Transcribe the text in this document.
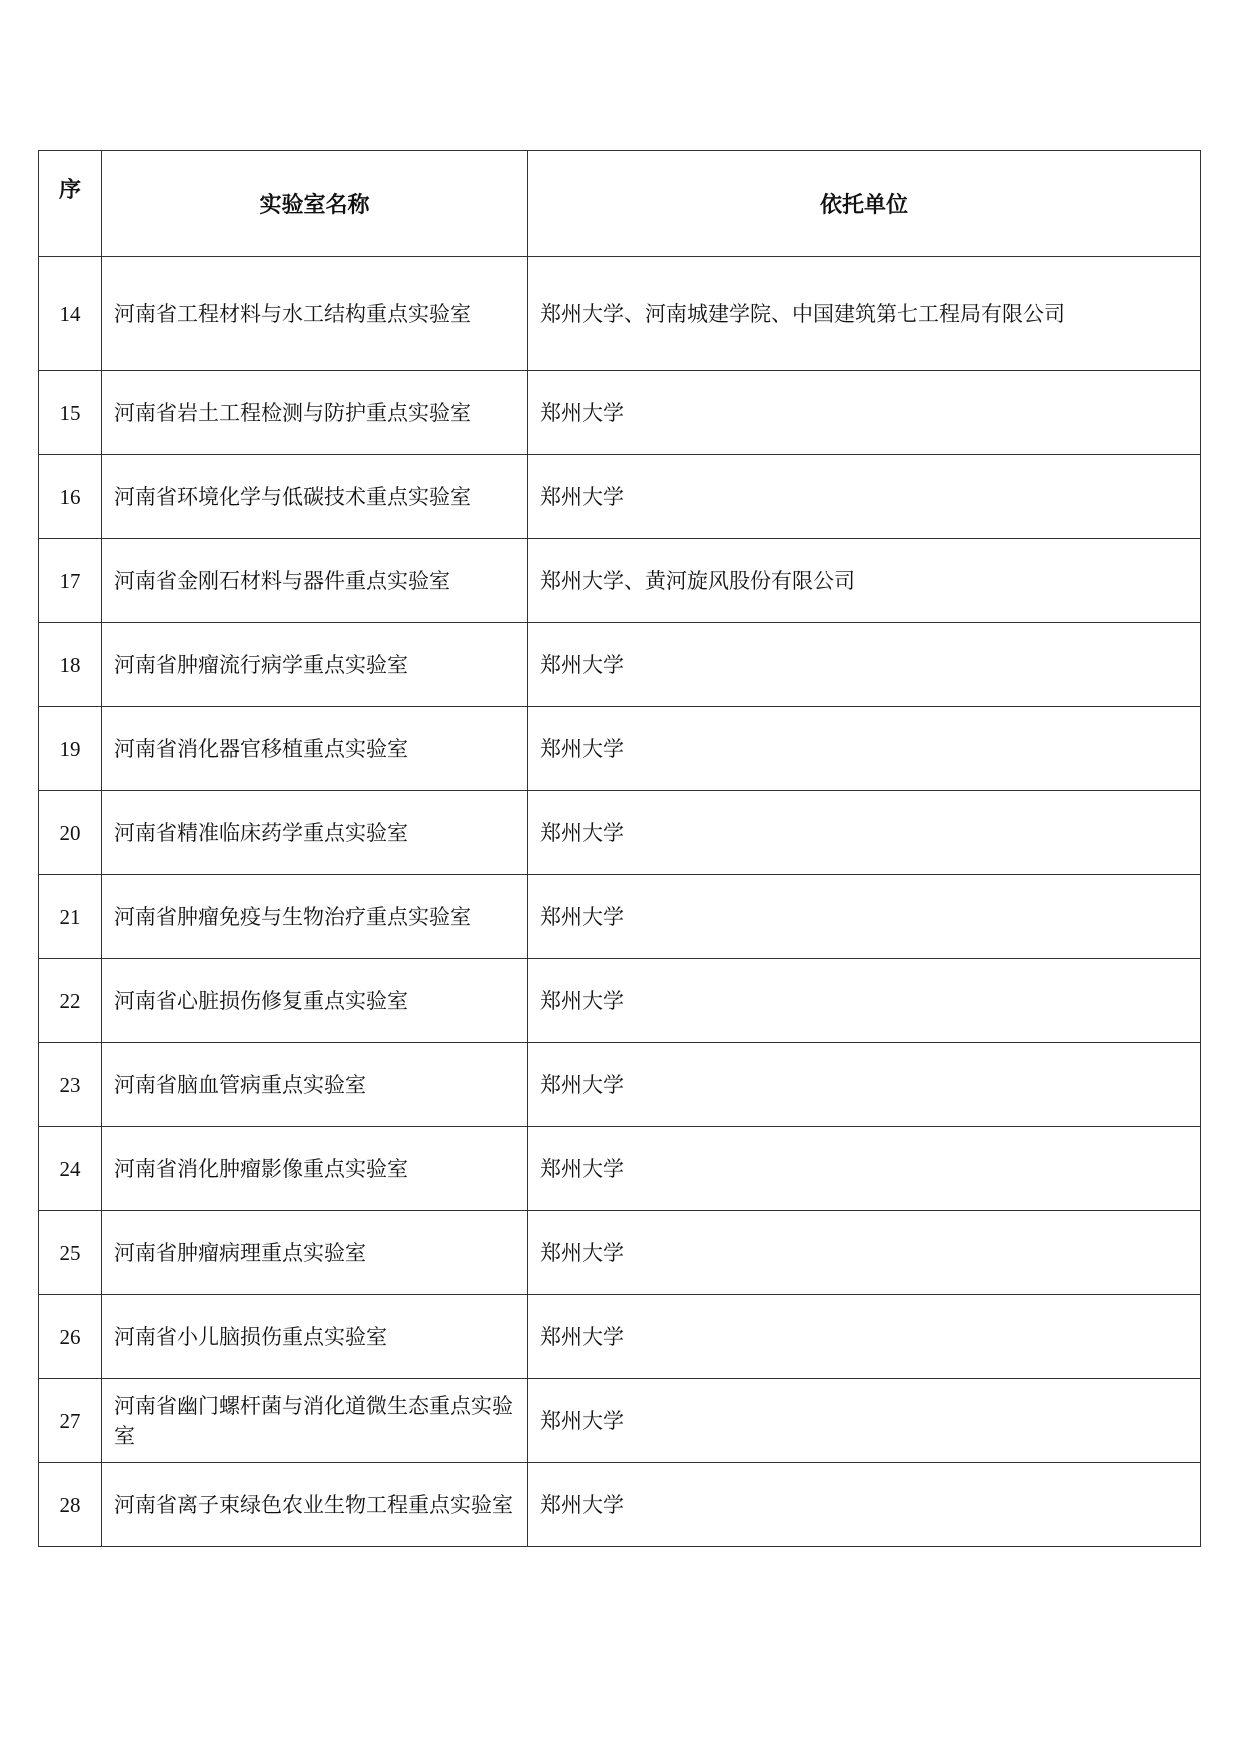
序	实验室名称	依托单位
14	河南省工程材料与水工结构重点实验室	郑州大学、河南城建学院、中国建筑第七工程局有限公司
15	河南省岩土工程检测与防护重点实验室	郑州大学
16	河南省环境化学与低碳技术重点实验室	郑州大学
17	河南省金刚石材料与器件重点实验室	郑州大学、黄河旋风股份有限公司
18	河南省肿瘤流行病学重点实验室	郑州大学
19	河南省消化器官移植重点实验室	郑州大学
20	河南省精准临床药学重点实验室	郑州大学
21	河南省肿瘤免疫与生物治疗重点实验室	郑州大学
22	河南省心脏损伤修复重点实验室	郑州大学
23	河南省脑血管病重点实验室	郑州大学
24	河南省消化肿瘤影像重点实验室	郑州大学
25	河南省肿瘤病理重点实验室	郑州大学
26	河南省小儿脑损伤重点实验室	郑州大学
27	河南省幽门螺杆菌与消化道微生态重点实验室	郑州大学
28	河南省离子束绿色农业生物工程重点实验室	郑州大学
